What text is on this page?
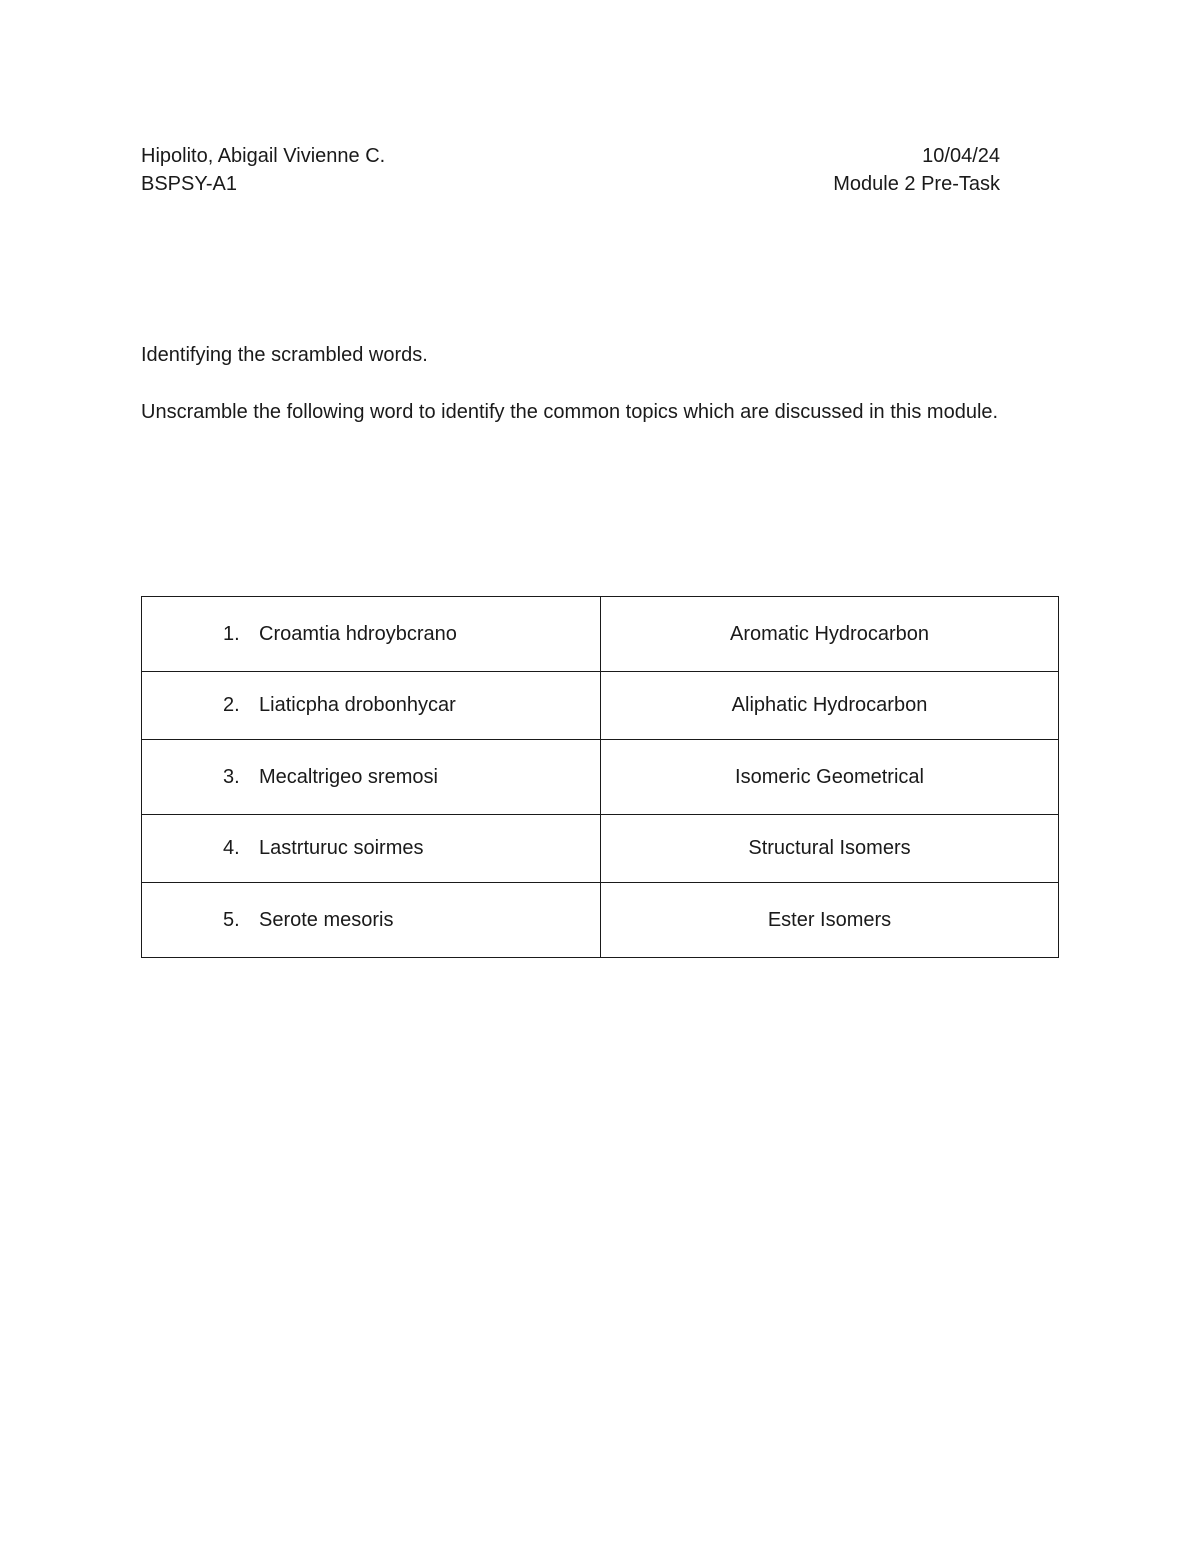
Hipolito, Abigail Vivienne C.
BSPSY-A1
10/04/24
Module 2 Pre-Task
Identifying the scrambled words.
Unscramble the following word to identify the common topics which are discussed in this module.
1. Croamtia hdroybcrano	Aromatic Hydrocarbon

2. Liaticpha drobonhycar	Aliphatic Hydrocarbon

3. Mecaltrigeo sremosi	Isomeric Geometrical

4. Lastrturuc soirmes	Structural Isomers

5. Serote mesoris	Ester Isomers
